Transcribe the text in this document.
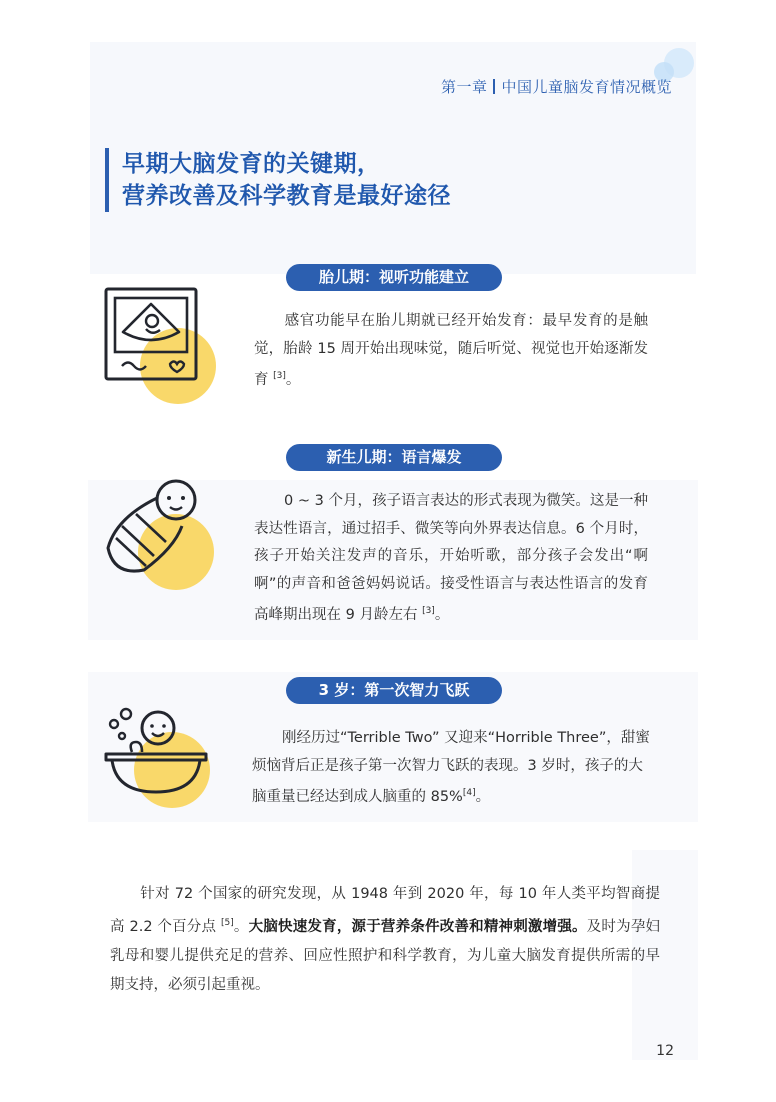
第一章 中国儿童脑发育情况概览
早期大脑发育的关键期，
营养改善及科学教育是最好途径
胎儿期：视听功能建立
感官功能早在胎儿期就已经开始发育：最早发育的是触觉，胎龄 15 周开始出现味觉，随后听觉、视觉也开始逐渐发育 [3]。
新生儿期：语言爆发
0 ~ 3 个月，孩子语言表达的形式表现为微笑。这是一种表达性语言，通过招手、微笑等向外界表达信息。6 个月时，孩子开始关注发声的音乐，开始听歌，部分孩子会发出“啊啊”的声音和爸爸妈妈说话。接受性语言与表达性语言的发育高峰期出现在 9 月龄左右 [3]。
3 岁：第一次智力飞跃
刚经历过“Terrible Two” 又迎来“Horrible Three”，甜蜜烦恼背后正是孩子第一次智力飞跃的表现。3 岁时，孩子的大脑重量已经达到成人脑重的 85%[4]。
针对 72 个国家的研究发现，从 1948 年到 2020 年，每 10 年人类平均智商提高 2.2 个百分点 [5]。大脑快速发育，源于营养条件改善和精神刺激增强。及时为孕妇乳母和婴儿提供充足的营养、回应性照护和科学教育，为儿童大脑发育提供所需的早期支持，必须引起重视。
12
